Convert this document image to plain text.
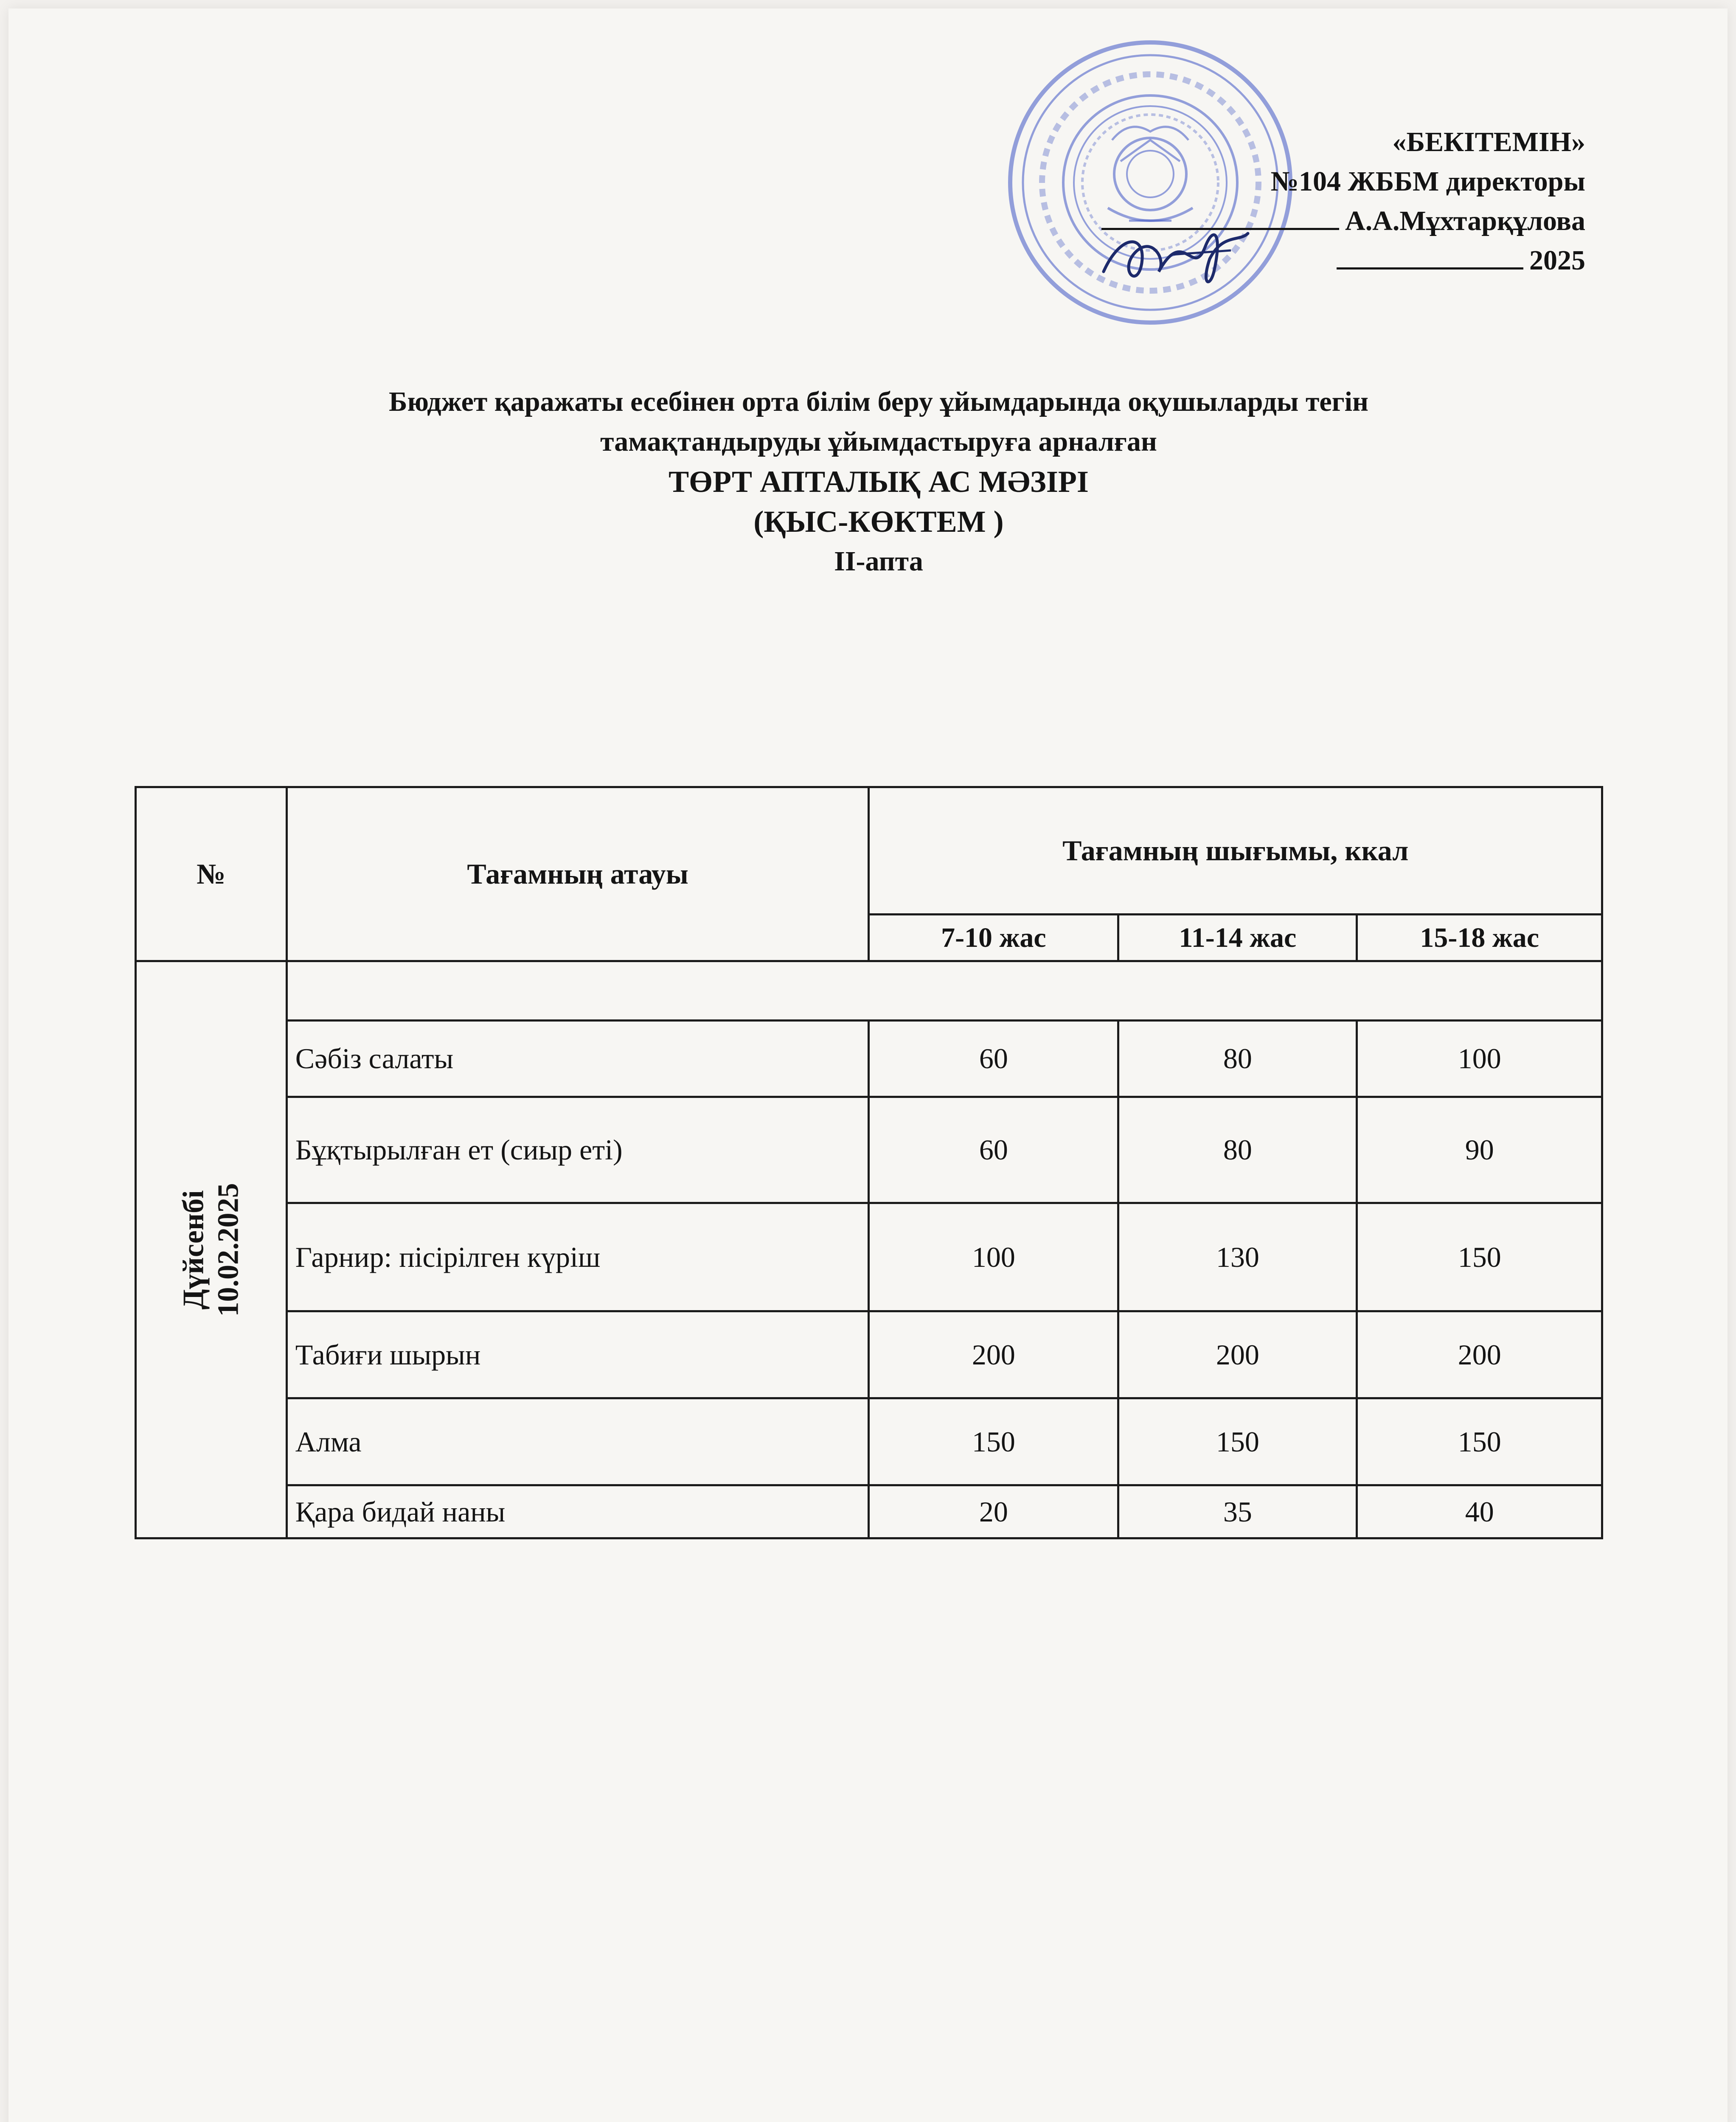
«БЕКІТЕМІН»
№104 ЖББМ директоры
А.А.Мұхтарқұлова
2025
Бюджет қаражаты есебінен орта білім беру ұйымдарында оқушыларды тегін
тамақтандыруды ұйымдастыруға арналған
ТӨРТ АПТАЛЫҚ АС МӘЗІРІ
(ҚЫС-КӨКТЕМ )
ІІ-апта
№	Тағамның атауы	Тағамның шығымы, ккал		
		7-10 жас	11-14 жас	15-18 жас
Дүйсенбі
10.02.2025				
	Сәбіз салаты	60	80	100
	Бұқтырылған ет (сиыр еті)	60	80	90
	Гарнир: пісірілген күріш	100	130	150
	Табиғи шырын	200	200	200
	Алма	150	150	150
	Қара бидай наны	20	35	40
